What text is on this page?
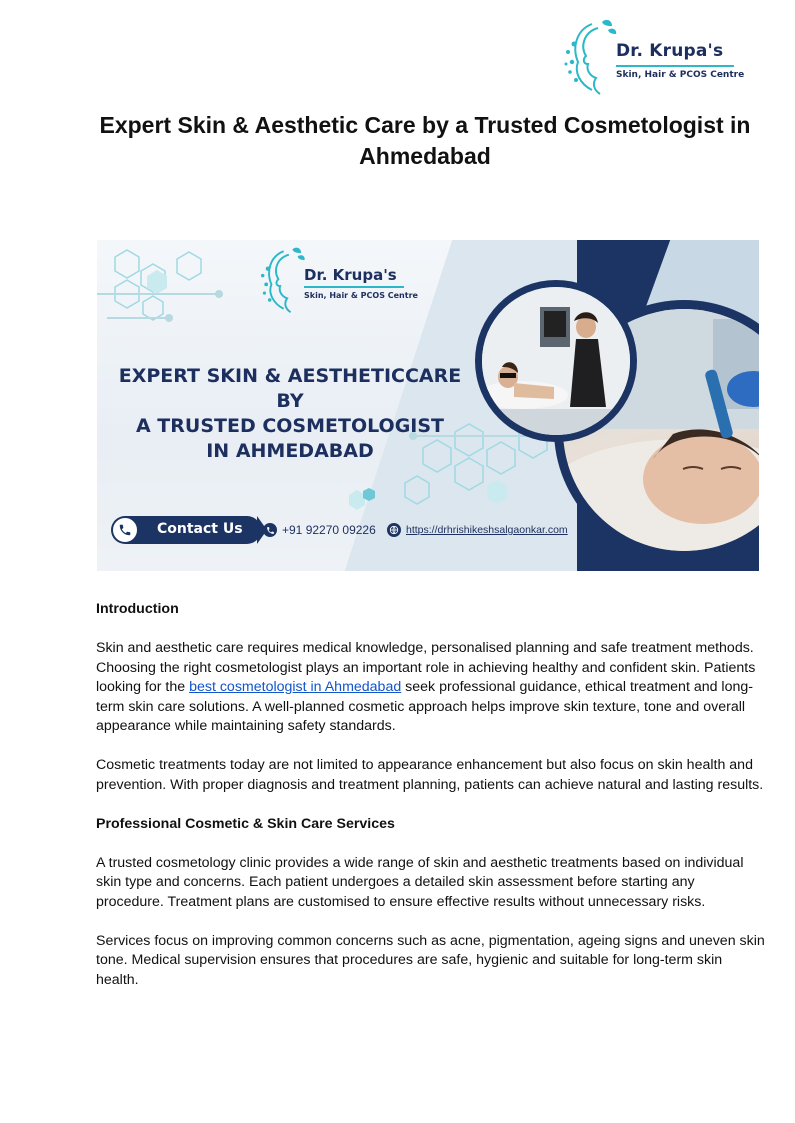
Dr. Krupa's
Skin, Hair & PCOS Centre
Expert Skin & Aesthetic Care by a Trusted Cosmetologist in Ahmedabad
Dr. Krupa's
Skin, Hair & PCOS Centre
EXPERT SKIN & AESTHETICCARE BY
A TRUSTED COSMETOLOGIST
IN AHMEDABAD
Contact Us	+91 92270 09226	https://drhrishikeshsalgaonkar.com
Introduction

Skin and aesthetic care requires medical knowledge, personalised planning and safe treatment methods. Choosing the right cosmetologist plays an important role in achieving healthy and confident skin. Patients looking for the best cosmetologist in Ahmedabad seek professional guidance, ethical treatment and long-term skin care solutions. A well-planned cosmetic approach helps improve skin texture, tone and overall appearance while maintaining safety standards.

Cosmetic treatments today are not limited to appearance enhancement but also focus on skin health and prevention. With proper diagnosis and treatment planning, patients can achieve natural and lasting results.

Professional Cosmetic & Skin Care Services

A trusted cosmetology clinic provides a wide range of skin and aesthetic treatments based on individual skin type and concerns. Each patient undergoes a detailed skin assessment before starting any procedure. Treatment plans are customised to ensure effective results without unnecessary risks.

Services focus on improving common concerns such as acne, pigmentation, ageing signs and uneven skin tone. Medical supervision ensures that procedures are safe, hygienic and suitable for long-term skin health.
